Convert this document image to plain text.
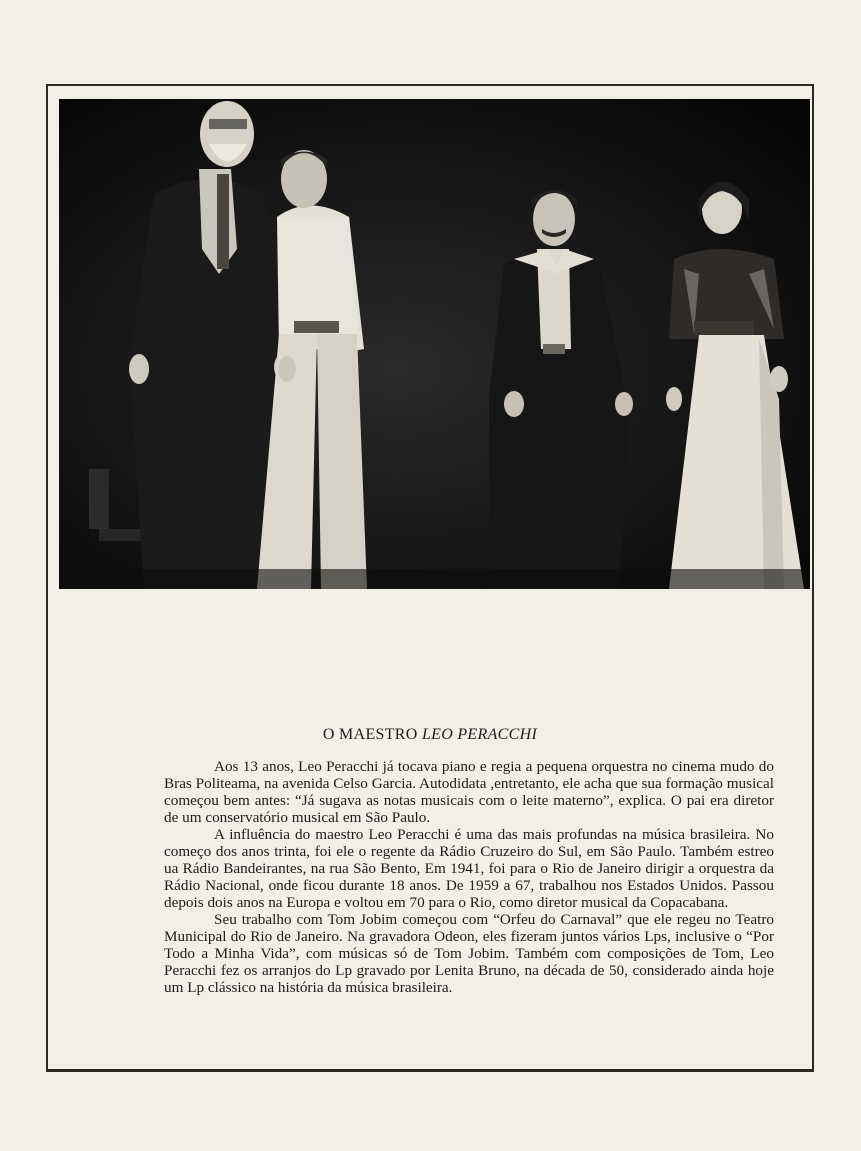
O MAESTRO LEO PERACCHI

Aos 13 anos, Leo Peracchi já tocava piano e regia a pequena orquestra no cinema mudo do Bras Politeama, na avenida Celso Garcia. Autodidata ,entretanto, ele acha que sua formação musical começou bem antes: “Já sugava as notas musicais com o leite materno”, explica. O pai era diretor de um conservatório musical em São Paulo.

A influência do maestro Leo Peracchi é uma das mais profundas na música brasileira. No começo dos anos trinta, foi ele o regente da Rádio Cruzeiro do Sul, em São Paulo. Também estreo ua Rádio Bandeirantes, na rua São Bento, Em 1941, foi para o Rio de Janeiro dirigir a orquestra da Rádio Nacional, onde ficou durante 18 anos. De 1959 a 67, trabalhou nos Estados Unidos. Passou depois dois anos na Europa e voltou em 70 para o Rio, como diretor musical da Copacabana.

Seu trabalho com Tom Jobim começou com “Orfeu do Carnaval” que ele regeu no Teatro Municipal do Rio de Janeiro. Na gravadora Odeon, eles fizeram juntos vários Lps, inclusive o “Por Todo a Minha Vida”, com músicas só de Tom Jobim. Também com composições de Tom, Leo Peracchi fez os arranjos do Lp gravado por Lenita Bruno, na década de 50, considerado ainda hoje um Lp clássico na história da música brasileira.
